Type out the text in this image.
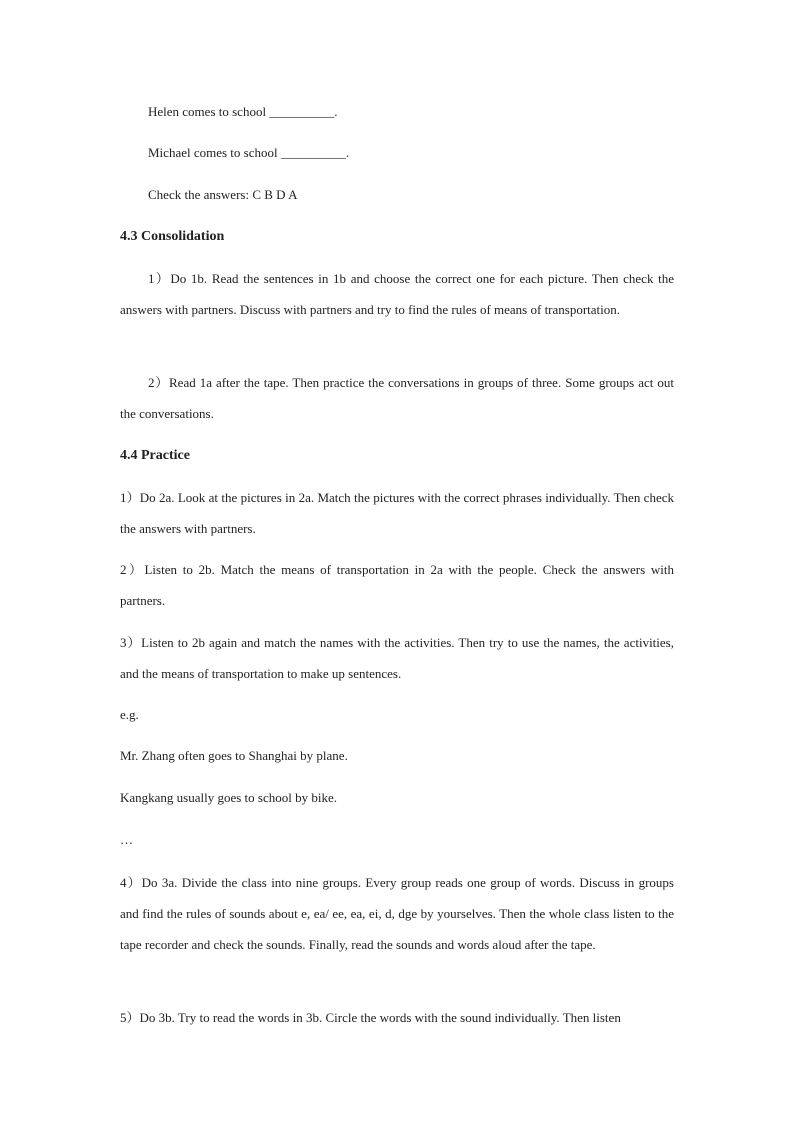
Helen comes to school __________.
Michael comes to school __________.
Check the answers: C B D A
4.3 Consolidation
1）Do 1b. Read the sentences in 1b and choose the correct one for each picture. Then check the answers with partners. Discuss with partners and try to find the rules of means of transportation.
2）Read 1a after the tape. Then practice the conversations in groups of three. Some groups act out the conversations.
4.4 Practice
1）Do 2a. Look at the pictures in 2a. Match the pictures with the correct phrases individually. Then check the answers with partners.
2）Listen to 2b. Match the means of transportation in 2a with the people. Check the answers with partners.
3）Listen to 2b again and match the names with the activities. Then try to use the names, the activities, and the means of transportation to make up sentences.
e.g.
Mr. Zhang often goes to Shanghai by plane.
Kangkang usually goes to school by bike.
…
4）Do 3a. Divide the class into nine groups. Every group reads one group of words. Discuss in groups and find the rules of sounds about e, ea/ ee, ea, ei, d, dge by yourselves. Then the whole class listen to the tape recorder and check the sounds. Finally, read the sounds and words aloud after the tape.
5）Do 3b. Try to read the words in 3b. Circle the words with the sound individually. Then listen
